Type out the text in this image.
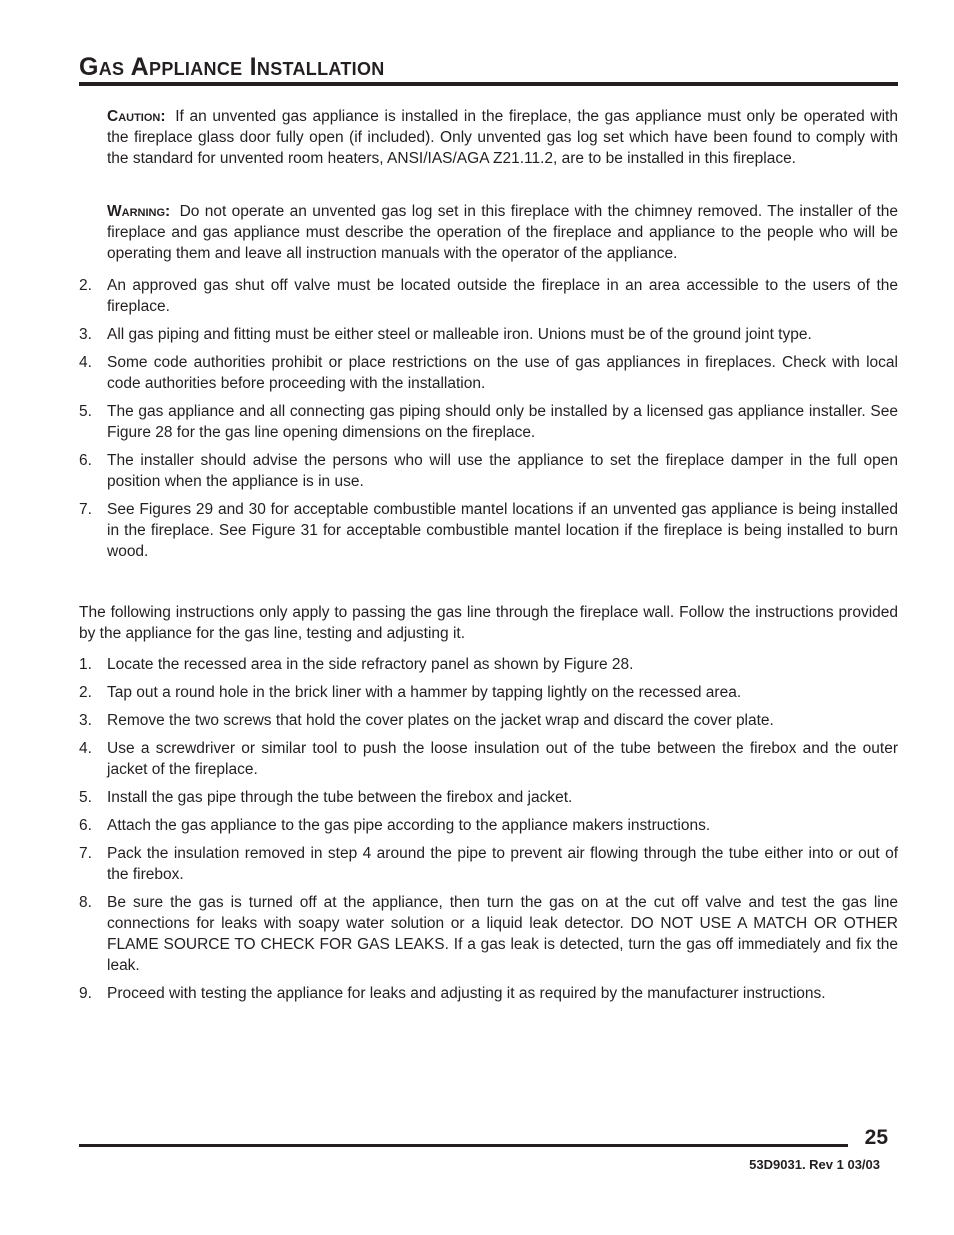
Gas Appliance Installation
Caution: If an unvented gas appliance is installed in the fireplace, the gas appliance must only be operated with the fireplace glass door fully open (if included). Only unvented gas log set which have been found to comply with the standard for unvented room heaters, ANSI/IAS/AGA Z21.11.2, are to be installed in this fireplace.
Warning: Do not operate an unvented gas log set in this fireplace with the chimney removed. The installer of the fireplace and gas appliance must describe the operation of the fireplace and appliance to the people who will be operating them and leave all instruction manuals with the operator of the appliance.
2. An approved gas shut off valve must be located outside the fireplace in an area accessible to the users of the fireplace.
3. All gas piping and fitting must be either steel or malleable iron. Unions must be of the ground joint type.
4. Some code authorities prohibit or place restrictions on the use of gas appliances in fireplaces. Check with local code authorities before proceeding with the installation.
5. The gas appliance and all connecting gas piping should only be installed by a licensed gas appliance installer. See Figure 28 for the gas line opening dimensions on the fireplace.
6. The installer should advise the persons who will use the appliance to set the fireplace damper in the full open position when the appliance is in use.
7. See Figures 29 and 30 for acceptable combustible mantel locations if an unvented gas appliance is being installed in the fireplace. See Figure 31 for acceptable combustible mantel location if the fireplace is being installed to burn wood.

The following instructions only apply to passing the gas line through the fireplace wall. Follow the instructions provided by the appliance for the gas line, testing and adjusting it.

1. Locate the recessed area in the side refractory panel as shown by Figure 28.
2. Tap out a round hole in the brick liner with a hammer by tapping lightly on the recessed area.
3. Remove the two screws that hold the cover plates on the jacket wrap and discard the cover plate.
4. Use a screwdriver or similar tool to push the loose insulation out of the tube between the firebox and the outer jacket of the fireplace.
5. Install the gas pipe through the tube between the firebox and jacket.
6. Attach the gas appliance to the gas pipe according to the appliance makers instructions.
7. Pack the insulation removed in step 4 around the pipe to prevent air flowing through the tube either into or out of the firebox.
8. Be sure the gas is turned off at the appliance, then turn the gas on at the cut off valve and test the gas line connections for leaks with soapy water solution or a liquid leak detector. DO NOT USE A MATCH OR OTHER FLAME SOURCE TO CHECK FOR GAS LEAKS. If a gas leak is detected, turn the gas off immediately and fix the leak.
9. Proceed with testing the appliance for leaks and adjusting it as required by the manufacturer instructions.
25
53D9031. Rev 1 03/03
